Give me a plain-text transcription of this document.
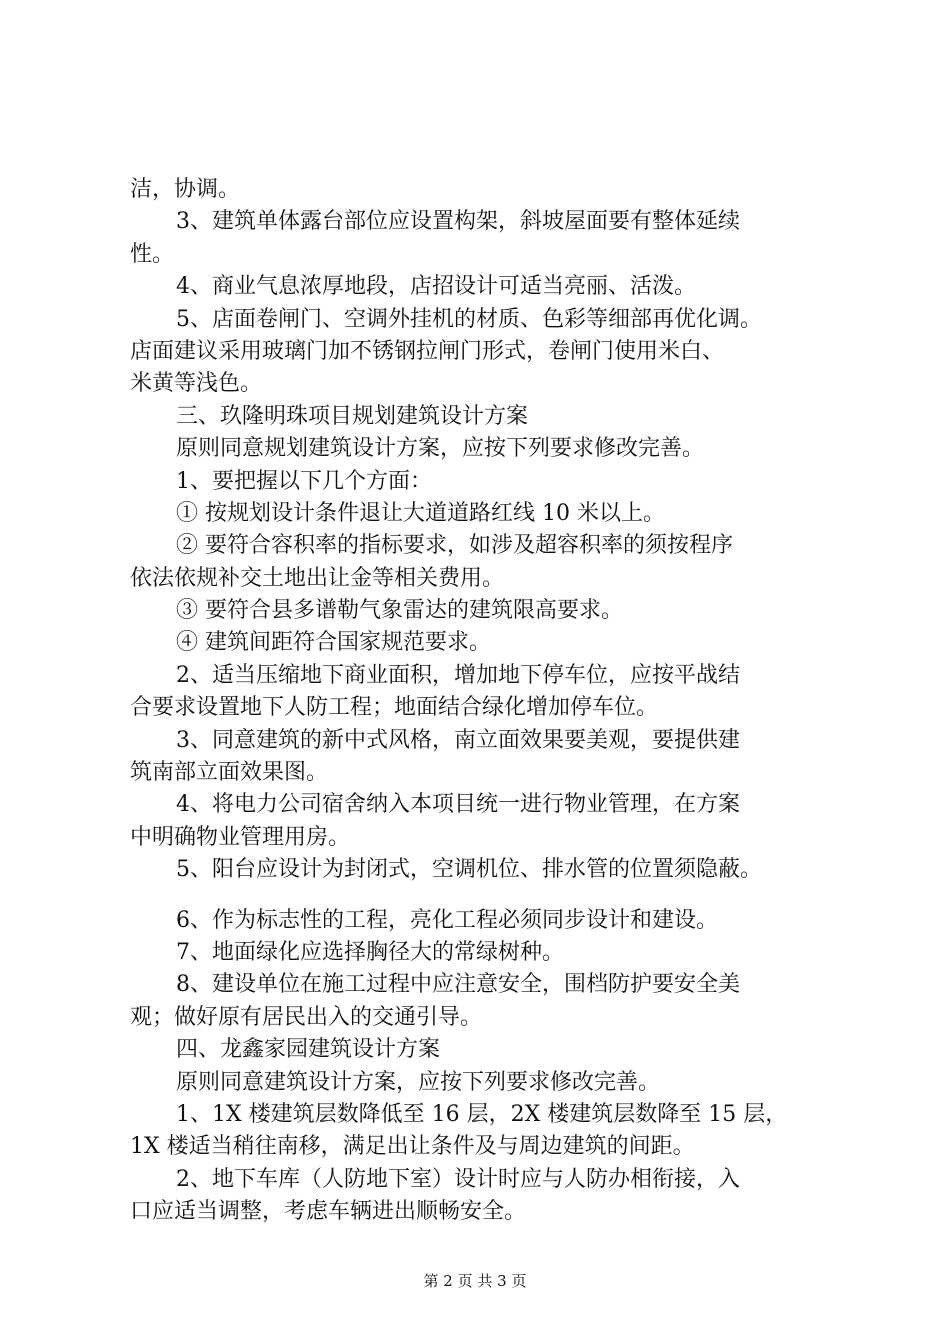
洁，协调。
3、建筑单体露台部位应设置构架，斜坡屋面要有整体延续
性。
4、商业气息浓厚地段，店招设计可适当亮丽、活泼。
5、店面卷闸门、空调外挂机的材质、色彩等细部再优化调。
店面建议采用玻璃门加不锈钢拉闸门形式，卷闸门使用米白、
米黄等浅色。
三、玖隆明珠项目规划建筑设计方案
原则同意规划建筑设计方案，应按下列要求修改完善。
1、要把握以下几个方面：
① 按规划设计条件退让大道道路红线 10 米以上。
② 要符合容积率的指标要求，如涉及超容积率的须按程序
依法依规补交土地出让金等相关费用。
③ 要符合县多谱勒气象雷达的建筑限高要求。
④ 建筑间距符合国家规范要求。
2、适当压缩地下商业面积，增加地下停车位，应按平战结
合要求设置地下人防工程；地面结合绿化增加停车位。
3、同意建筑的新中式风格，南立面效果要美观，要提供建
筑南部立面效果图。
4、将电力公司宿舍纳入本项目统一进行物业管理，在方案
中明确物业管理用房。
5、阳台应设计为封闭式，空调机位、排水管的位置须隐蔽。
6、作为标志性的工程，亮化工程必须同步设计和建设。
7、地面绿化应选择胸径大的常绿树种。
8、建设单位在施工过程中应注意安全，围档防护要安全美
观；做好原有居民出入的交通引导。
四、龙鑫家园建筑设计方案
原则同意建筑设计方案，应按下列要求修改完善。
1、1X 楼建筑层数降低至 16 层，2X 楼建筑层数降至 15 层，
1X 楼适当稍往南移，满足出让条件及与周边建筑的间距。
2、地下车库（人防地下室）设计时应与人防办相衔接，入
口应适当调整，考虑车辆进出顺畅安全。
第 2 页 共 3 页
